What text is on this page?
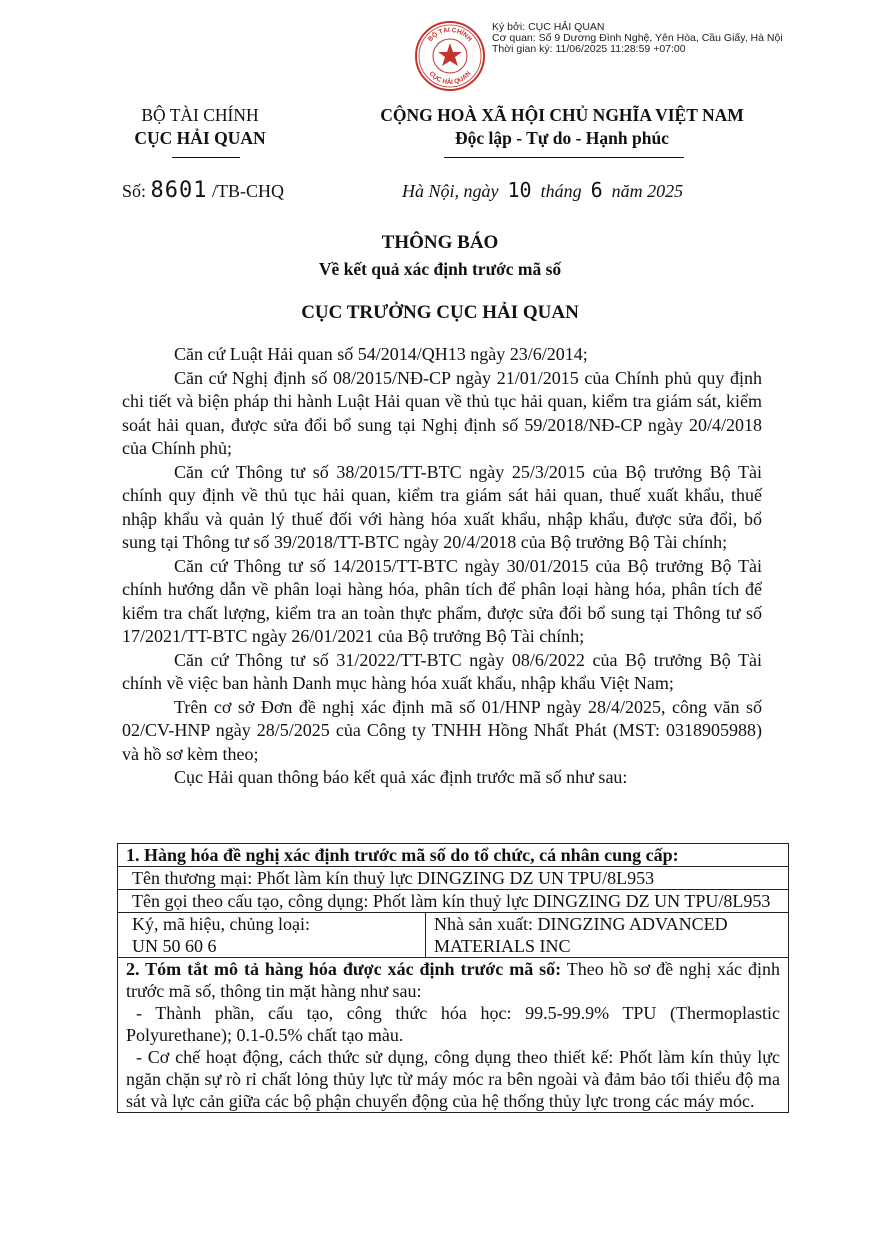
Ký bởi: CỤC HẢI QUAN
Cơ quan: Số 9 Dương Đình Nghệ, Yên Hòa, Cầu Giấy, Hà Nội
Thời gian ký: 11/06/2025 11:28:59 +07:00
BỘ TÀI CHÍNH
CỤC HẢI QUAN
BỘ TÀI CHÍNH
CỤC HẢI QUAN
CỘNG HOÀ XÃ HỘI CHỦ NGHĨA VIỆT NAM
Độc lập - Tự do - Hạnh phúc
Số: 8601 /TB-CHQ	Hà Nội, ngày 10 tháng 6 năm 2025
THÔNG BÁO
Về kết quả xác định trước mã số
CỤC TRƯỞNG CỤC HẢI QUAN

Căn cứ Luật Hải quan số 54/2014/QH13 ngày 23/6/2014;

Căn cứ Nghị định số 08/2015/NĐ-CP ngày 21/01/2015 của Chính phủ quy định chi tiết và biện pháp thi hành Luật Hải quan về thủ tục hải quan, kiểm tra giám sát, kiểm soát hải quan, được sửa đổi bổ sung tại Nghị định số 59/2018/NĐ-CP ngày 20/4/2018 của Chính phủ;

Căn cứ Thông tư số 38/2015/TT-BTC ngày 25/3/2015 của Bộ trưởng Bộ Tài chính quy định về thủ tục hải quan, kiểm tra giám sát hải quan, thuế xuất khẩu, thuế nhập khẩu và quản lý thuế đối với hàng hóa xuất khẩu, nhập khẩu, được sửa đổi, bổ sung tại Thông tư số 39/2018/TT-BTC ngày 20/4/2018 của Bộ trưởng Bộ Tài chính;

Căn cứ Thông tư số 14/2015/TT-BTC ngày 30/01/2015 của Bộ trưởng Bộ Tài chính hướng dẫn về phân loại hàng hóa, phân tích để phân loại hàng hóa, phân tích để kiểm tra chất lượng, kiểm tra an toàn thực phẩm, được sửa đổi bổ sung tại Thông tư số 17/2021/TT-BTC ngày 26/01/2021 của Bộ trưởng Bộ Tài chính;

Căn cứ Thông tư số 31/2022/TT-BTC ngày 08/6/2022 của Bộ trưởng Bộ Tài chính về việc ban hành Danh mục hàng hóa xuất khẩu, nhập khẩu Việt Nam;

Trên cơ sở Đơn đề nghị xác định mã số 01/HNP ngày 28/4/2025, công văn số 02/CV-HNP ngày 28/5/2025 của Công ty TNHH Hồng Nhất Phát (MST: 0318905988) và hồ sơ kèm theo;

Cục Hải quan thông báo kết quả xác định trước mã số như sau:

1. Hàng hóa đề nghị xác định trước mã số do tổ chức, cá nhân cung cấp:
Tên thương mại: Phốt làm kín thuỷ lực DINGZING DZ UN TPU/8L953
Tên gọi theo cấu tạo, công dụng: Phốt làm kín thuỷ lực DINGZING DZ UN TPU/8L953

Ký, mã hiệu, chủng loại:
UN 50 60 6
	Nhà sản xuất: DINGZING ADVANCED MATERIALS INC

2. Tóm tắt mô tả hàng hóa được xác định trước mã số: Theo hồ sơ đề nghị xác định trước mã số, thông tin mặt hàng như sau:
- Thành phần, cấu tạo, công thức hóa học: 99.5-99.9% TPU (Thermoplastic Polyurethane); 0.1-0.5% chất tạo màu.
- Cơ chế hoạt động, cách thức sử dụng, công dụng theo thiết kế: Phốt làm kín thủy lực ngăn chặn sự rò rỉ chất lỏng thủy lực từ máy móc ra bên ngoài và đảm bảo tối thiểu độ ma sát và lực cản giữa các bộ phận chuyển động của hệ thống thủy lực trong các máy móc.
